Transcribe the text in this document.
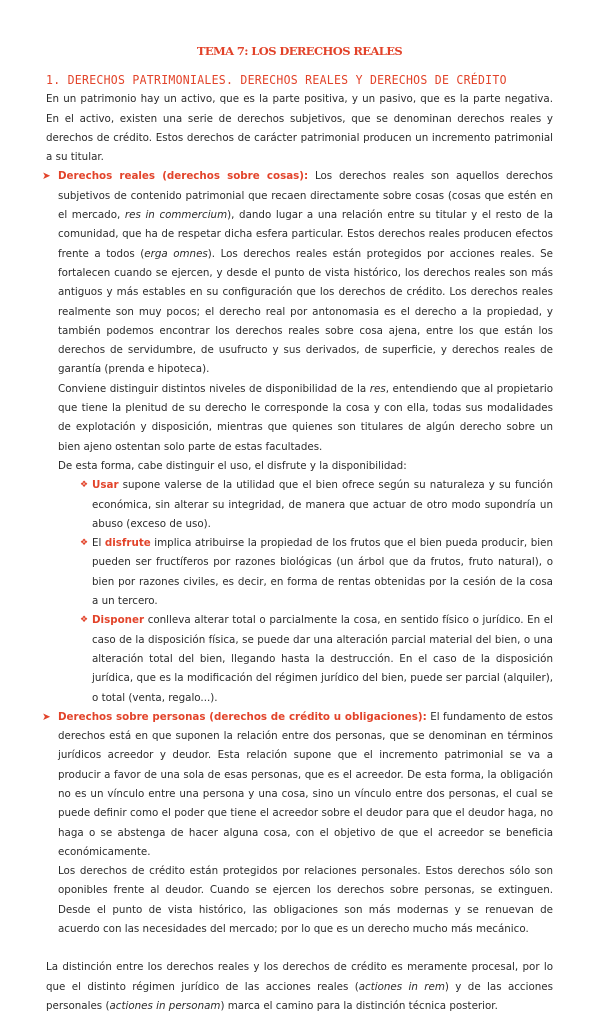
TEMA 7: LOS DERECHOS REALES
1. DERECHOS PATRIMONIALES. DERECHOS REALES Y DERECHOS DE CRÉDITO

En un patrimonio hay un activo, que es la parte positiva, y un pasivo, que es la parte negativa. En el activo, existen una serie de derechos subjetivos, que se denominan derechos reales y derechos de crédito. Estos derechos de carácter patrimonial producen un incremento patrimonial a su titular.

➤ Derechos reales (derechos sobre cosas): Los derechos reales son aquellos derechos subjetivos de contenido patrimonial que recaen directamente sobre cosas (cosas que estén en el mercado, res in commercium), dando lugar a una relación entre su titular y el resto de la comunidad, que ha de respetar dicha esfera particular. Estos derechos reales producen efectos frente a todos (erga omnes). Los derechos reales están protegidos por acciones reales. Se fortalecen cuando se ejercen, y desde el punto de vista histórico, los derechos reales son más antiguos y más estables en su configuración que los derechos de crédito. Los derechos reales realmente son muy pocos; el derecho real por antonomasia es el derecho a la propiedad, y también podemos encontrar los derechos reales sobre cosa ajena, entre los que están los derechos de servidumbre, de usufructo y sus derivados, de superficie, y derechos reales de garantía (prenda e hipoteca).

Conviene distinguir distintos niveles de disponibilidad de la res, entendiendo que al propietario que tiene la plenitud de su derecho le corresponde la cosa y con ella, todas sus modalidades de explotación y disposición, mientras que quienes son titulares de algún derecho sobre un bien ajeno ostentan solo parte de estas facultades.

De esta forma, cabe distinguir el uso, el disfrute y la disponibilidad:

❖ Usar supone valerse de la utilidad que el bien ofrece según su naturaleza y su función económica, sin alterar su integridad, de manera que actuar de otro modo supondría un abuso (exceso de uso).

❖ El disfrute implica atribuirse la propiedad de los frutos que el bien pueda producir, bien pueden ser fructíferos por razones biológicas (un árbol que da frutos, fruto natural), o bien por razones civiles, es decir, en forma de rentas obtenidas por la cesión de la cosa a un tercero.

❖ Disponer conlleva alterar total o parcialmente la cosa, en sentido físico o jurídico. En el caso de la disposición física, se puede dar una alteración parcial material del bien, o una alteración total del bien, llegando hasta la destrucción. En el caso de la disposición jurídica, que es la modificación del régimen jurídico del bien, puede ser parcial (alquiler), o total (venta, regalo...).

➤ Derechos sobre personas (derechos de crédito u obligaciones): El fundamento de estos derechos está en que suponen la relación entre dos personas, que se denominan en términos jurídicos acreedor y deudor. Esta relación supone que el incremento patrimonial se va a producir a favor de una sola de esas personas, que es el acreedor. De esta forma, la obligación no es un vínculo entre una persona y una cosa, sino un vínculo entre dos personas, el cual se puede definir como el poder que tiene el acreedor sobre el deudor para que el deudor haga, no haga o se abstenga de hacer alguna cosa, con el objetivo de que el acreedor se beneficia económicamente.

Los derechos de crédito están protegidos por relaciones personales. Estos derechos sólo son oponibles frente al deudor. Cuando se ejercen los derechos sobre personas, se extinguen. Desde el punto de vista histórico, las obligaciones son más modernas y se renuevan de acuerdo con las necesidades del mercado; por lo que es un derecho mucho más mecánico.

La distinción entre los derechos reales y los derechos de crédito es meramente procesal, por lo que el distinto régimen jurídico de las acciones reales (actiones in rem) y de las acciones personales (actiones in personam) marca el camino para la distinción técnica posterior.
